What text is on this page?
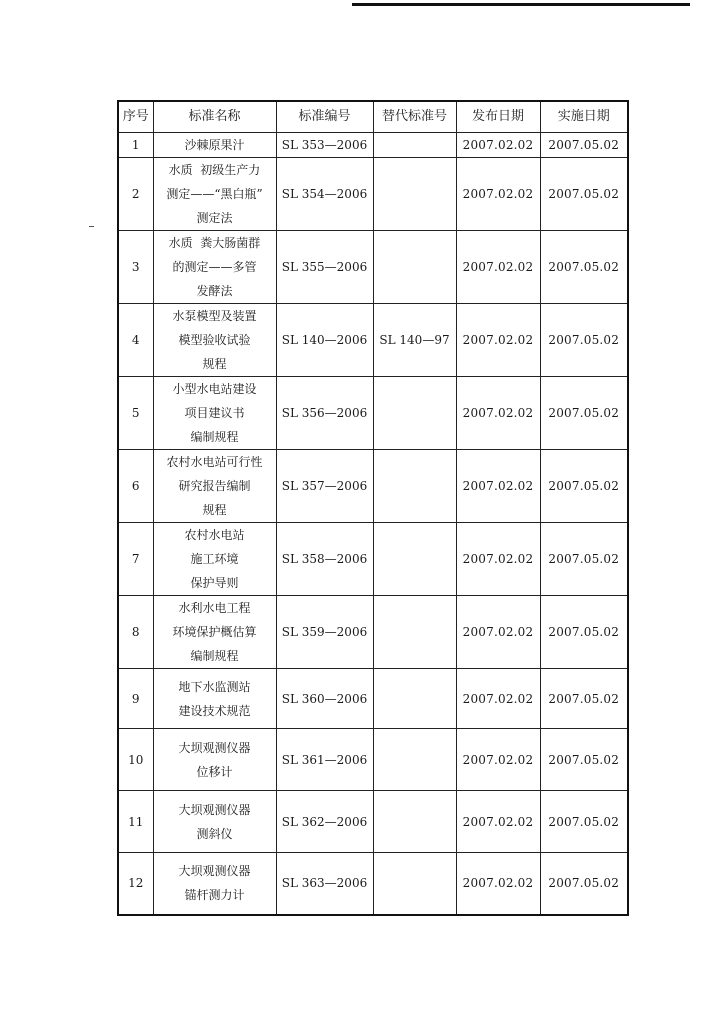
序号	标准名称	标准编号	替代标准号	发布日期	实施日期
1	沙棘原果汁	SL 353—2006		2007.02.02	2007.05.02
2	水质  初级生产力
测定——“黑白瓶”
测定法	SL 354—2006		2007.02.02	2007.05.02
3	水质  粪大肠菌群
的测定——多管
发酵法	SL 355—2006		2007.02.02	2007.05.02
4	水泵模型及装置
模型验收试验
规程	SL 140—2006	SL 140—97	2007.02.02	2007.05.02
5	小型水电站建设
项目建议书
编制规程	SL 356—2006		2007.02.02	2007.05.02
6	农村水电站可行性
研究报告编制
规程	SL 357—2006		2007.02.02	2007.05.02
7	农村水电站
施工环境
保护导则	SL 358—2006		2007.02.02	2007.05.02
8	水利水电工程
环境保护概估算
编制规程	SL 359—2006		2007.02.02	2007.05.02
9	地下水监测站
建设技术规范	SL 360—2006		2007.02.02	2007.05.02
10	大坝观测仪器
位移计	SL 361—2006		2007.02.02	2007.05.02
11	大坝观测仪器
测斜仪	SL 362—2006		2007.02.02	2007.05.02
12	大坝观测仪器
锚杆测力计	SL 363—2006		2007.02.02	2007.05.02
